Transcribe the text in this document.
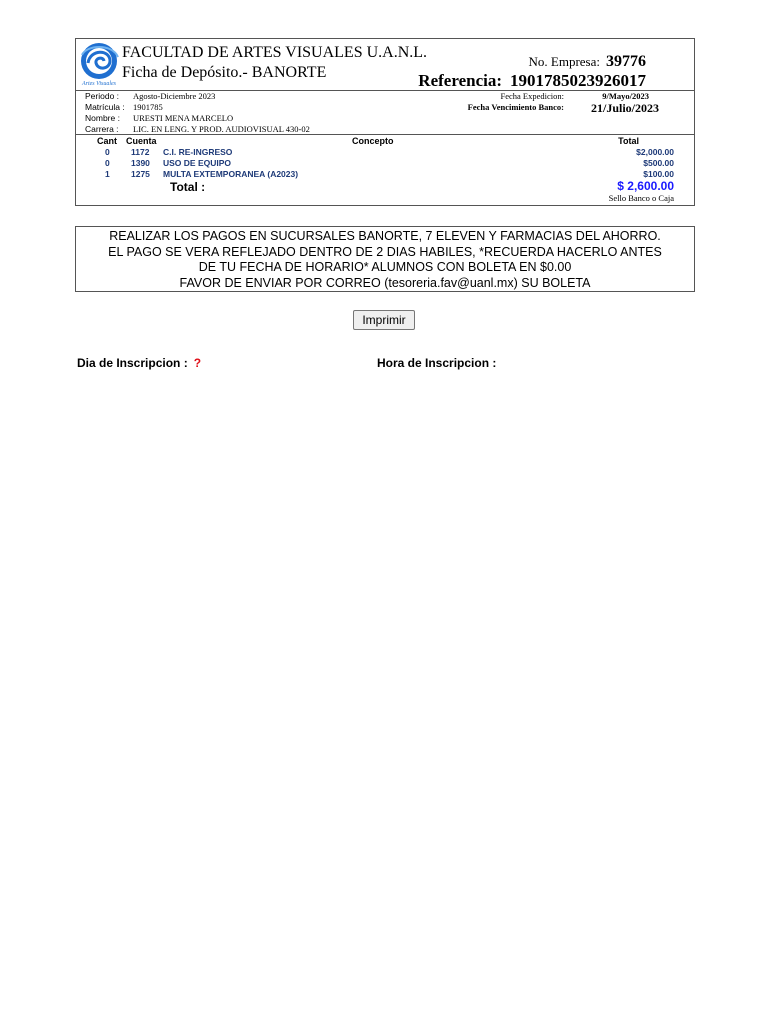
Artes Visuales
FACULTAD DE ARTES VISUALES U.A.N.L.
Ficha de Depósito.- BANORTE
No. Empresa: 39776
Referencia: 1901785023926017
Periodo : Agosto-Diciembre 2023
Matrícula : 1901785
Nombre : URESTI MENA MARCELO
Carrera : LIC. EN LENG. Y PROD. AUDIOVISUAL 430-02
Fecha Expedicion:	9/Mayo/2023
Fecha Vencimiento Banco: 21/Julio/2023
Cant Cuenta	Concepto	Total
0	1172 C.I. RE-INGRESO	$2,000.00
0	1390 USO DE EQUIPO	$500.00
1	1275 MULTA EXTEMPORANEA (A2023)	$100.00
Total :	$ 2,600.00
Sello Banco o Caja
REALIZAR LOS PAGOS EN SUCURSALES BANORTE, 7 ELEVEN Y FARMACIAS DEL AHORRO.
EL PAGO SE VERA REFLEJADO DENTRO DE 2 DIAS HABILES, *RECUERDA HACERLO ANTES
DE TU FECHA DE HORARIO* ALUMNOS CON BOLETA EN $0.00
FAVOR DE ENVIAR POR CORREO (tesoreria.fav@uanl.mx) SU BOLETA
Imprimir
Dia de Inscripcion : ?	Hora de Inscripcion :
